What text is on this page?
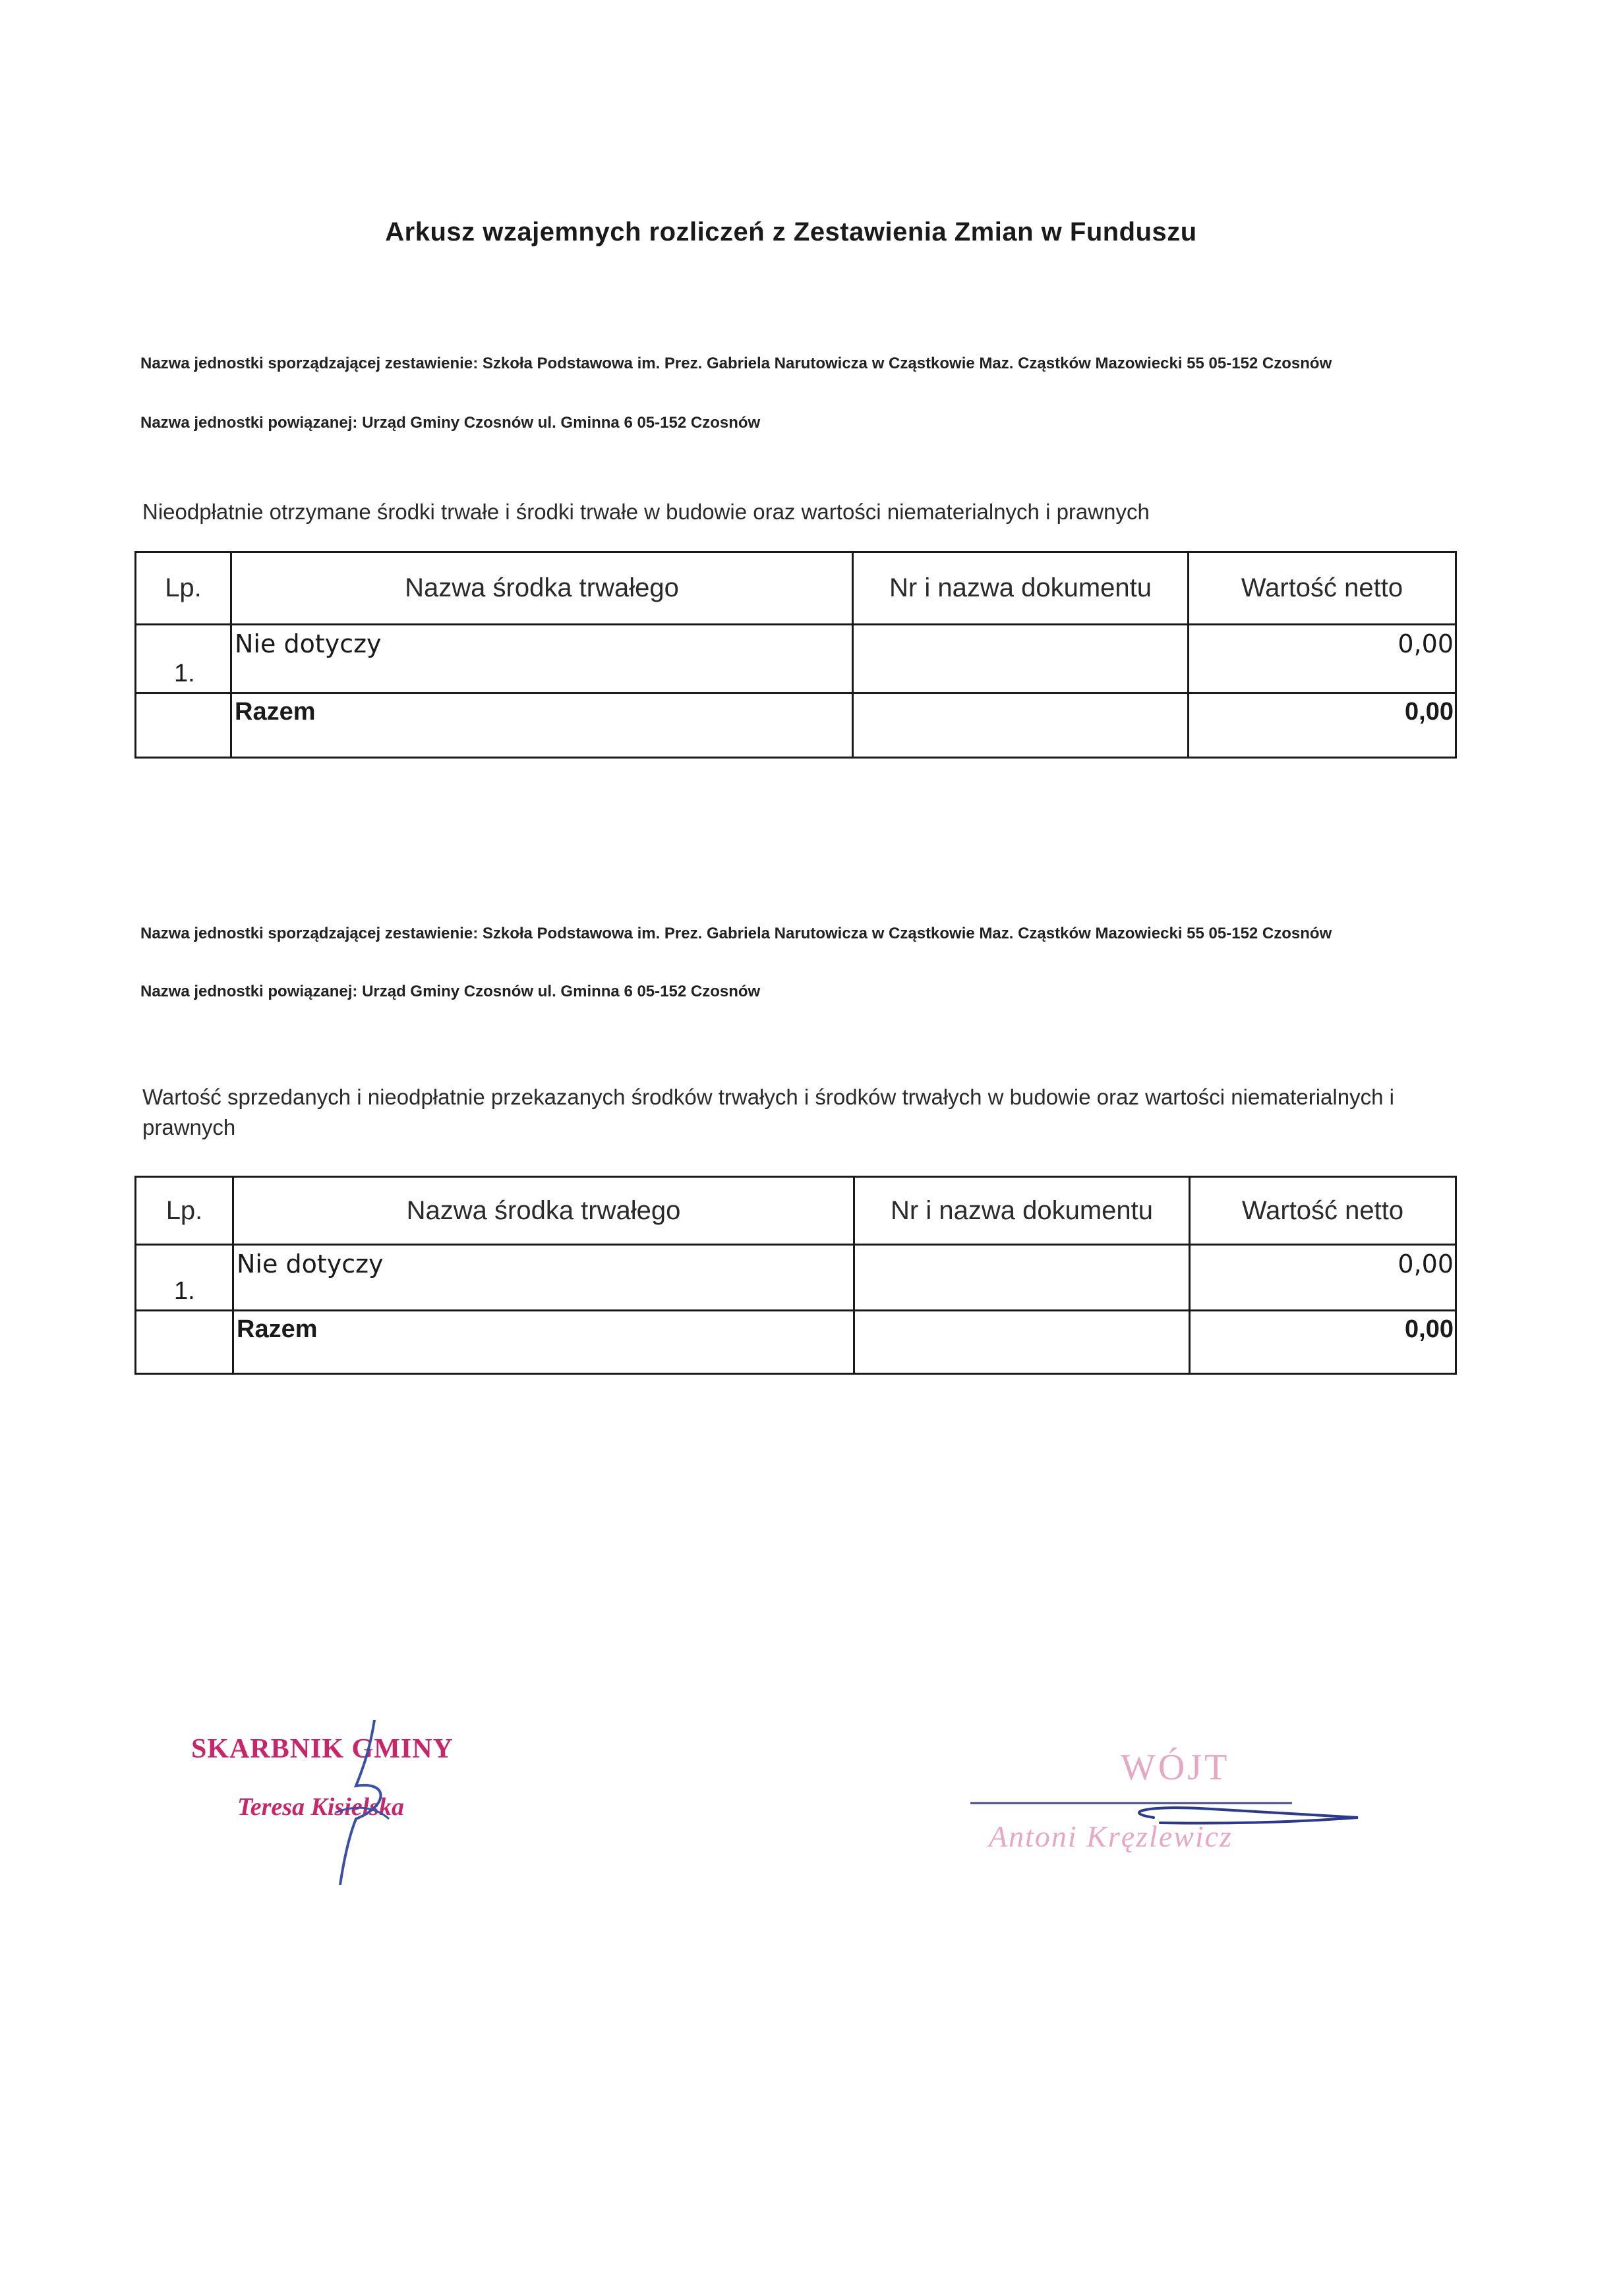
Arkusz wzajemnych rozliczeń z Zestawienia Zmian w Funduszu
Nazwa jednostki sporządzającej zestawienie: Szkoła Podstawowa im. Prez. Gabriela Narutowicza w Cząstkowie Maz. Cząstków Mazowiecki 55 05-152 Czosnów
Nazwa jednostki powiązanej: Urząd Gminy Czosnów ul. Gminna 6 05-152 Czosnów
Nieodpłatnie otrzymane środki trwałe i środki trwałe w budowie oraz wartości niematerialnych i prawnych
Lp.	Nazwa środka trwałego	Nr i nazwa dokumentu	Wartość netto
1.	Nie dotyczy		0,00
	Razem		0,00
Nazwa jednostki sporządzającej zestawienie: Szkoła Podstawowa im. Prez. Gabriela Narutowicza w Cząstkowie Maz. Cząstków Mazowiecki 55 05-152 Czosnów
Nazwa jednostki powiązanej: Urząd Gminy Czosnów ul. Gminna 6 05-152 Czosnów
Wartość sprzedanych i nieodpłatnie przekazanych środków trwałych i środków trwałych w budowie oraz wartości niematerialnych i prawnych
Lp.	Nazwa środka trwałego	Nr i nazwa dokumentu	Wartość netto
1.	Nie dotyczy		0,00
	Razem		0,00
SKARBNIK GMINY
Teresa Kisielska
WÓJT
Antoni Kręzlewicz
